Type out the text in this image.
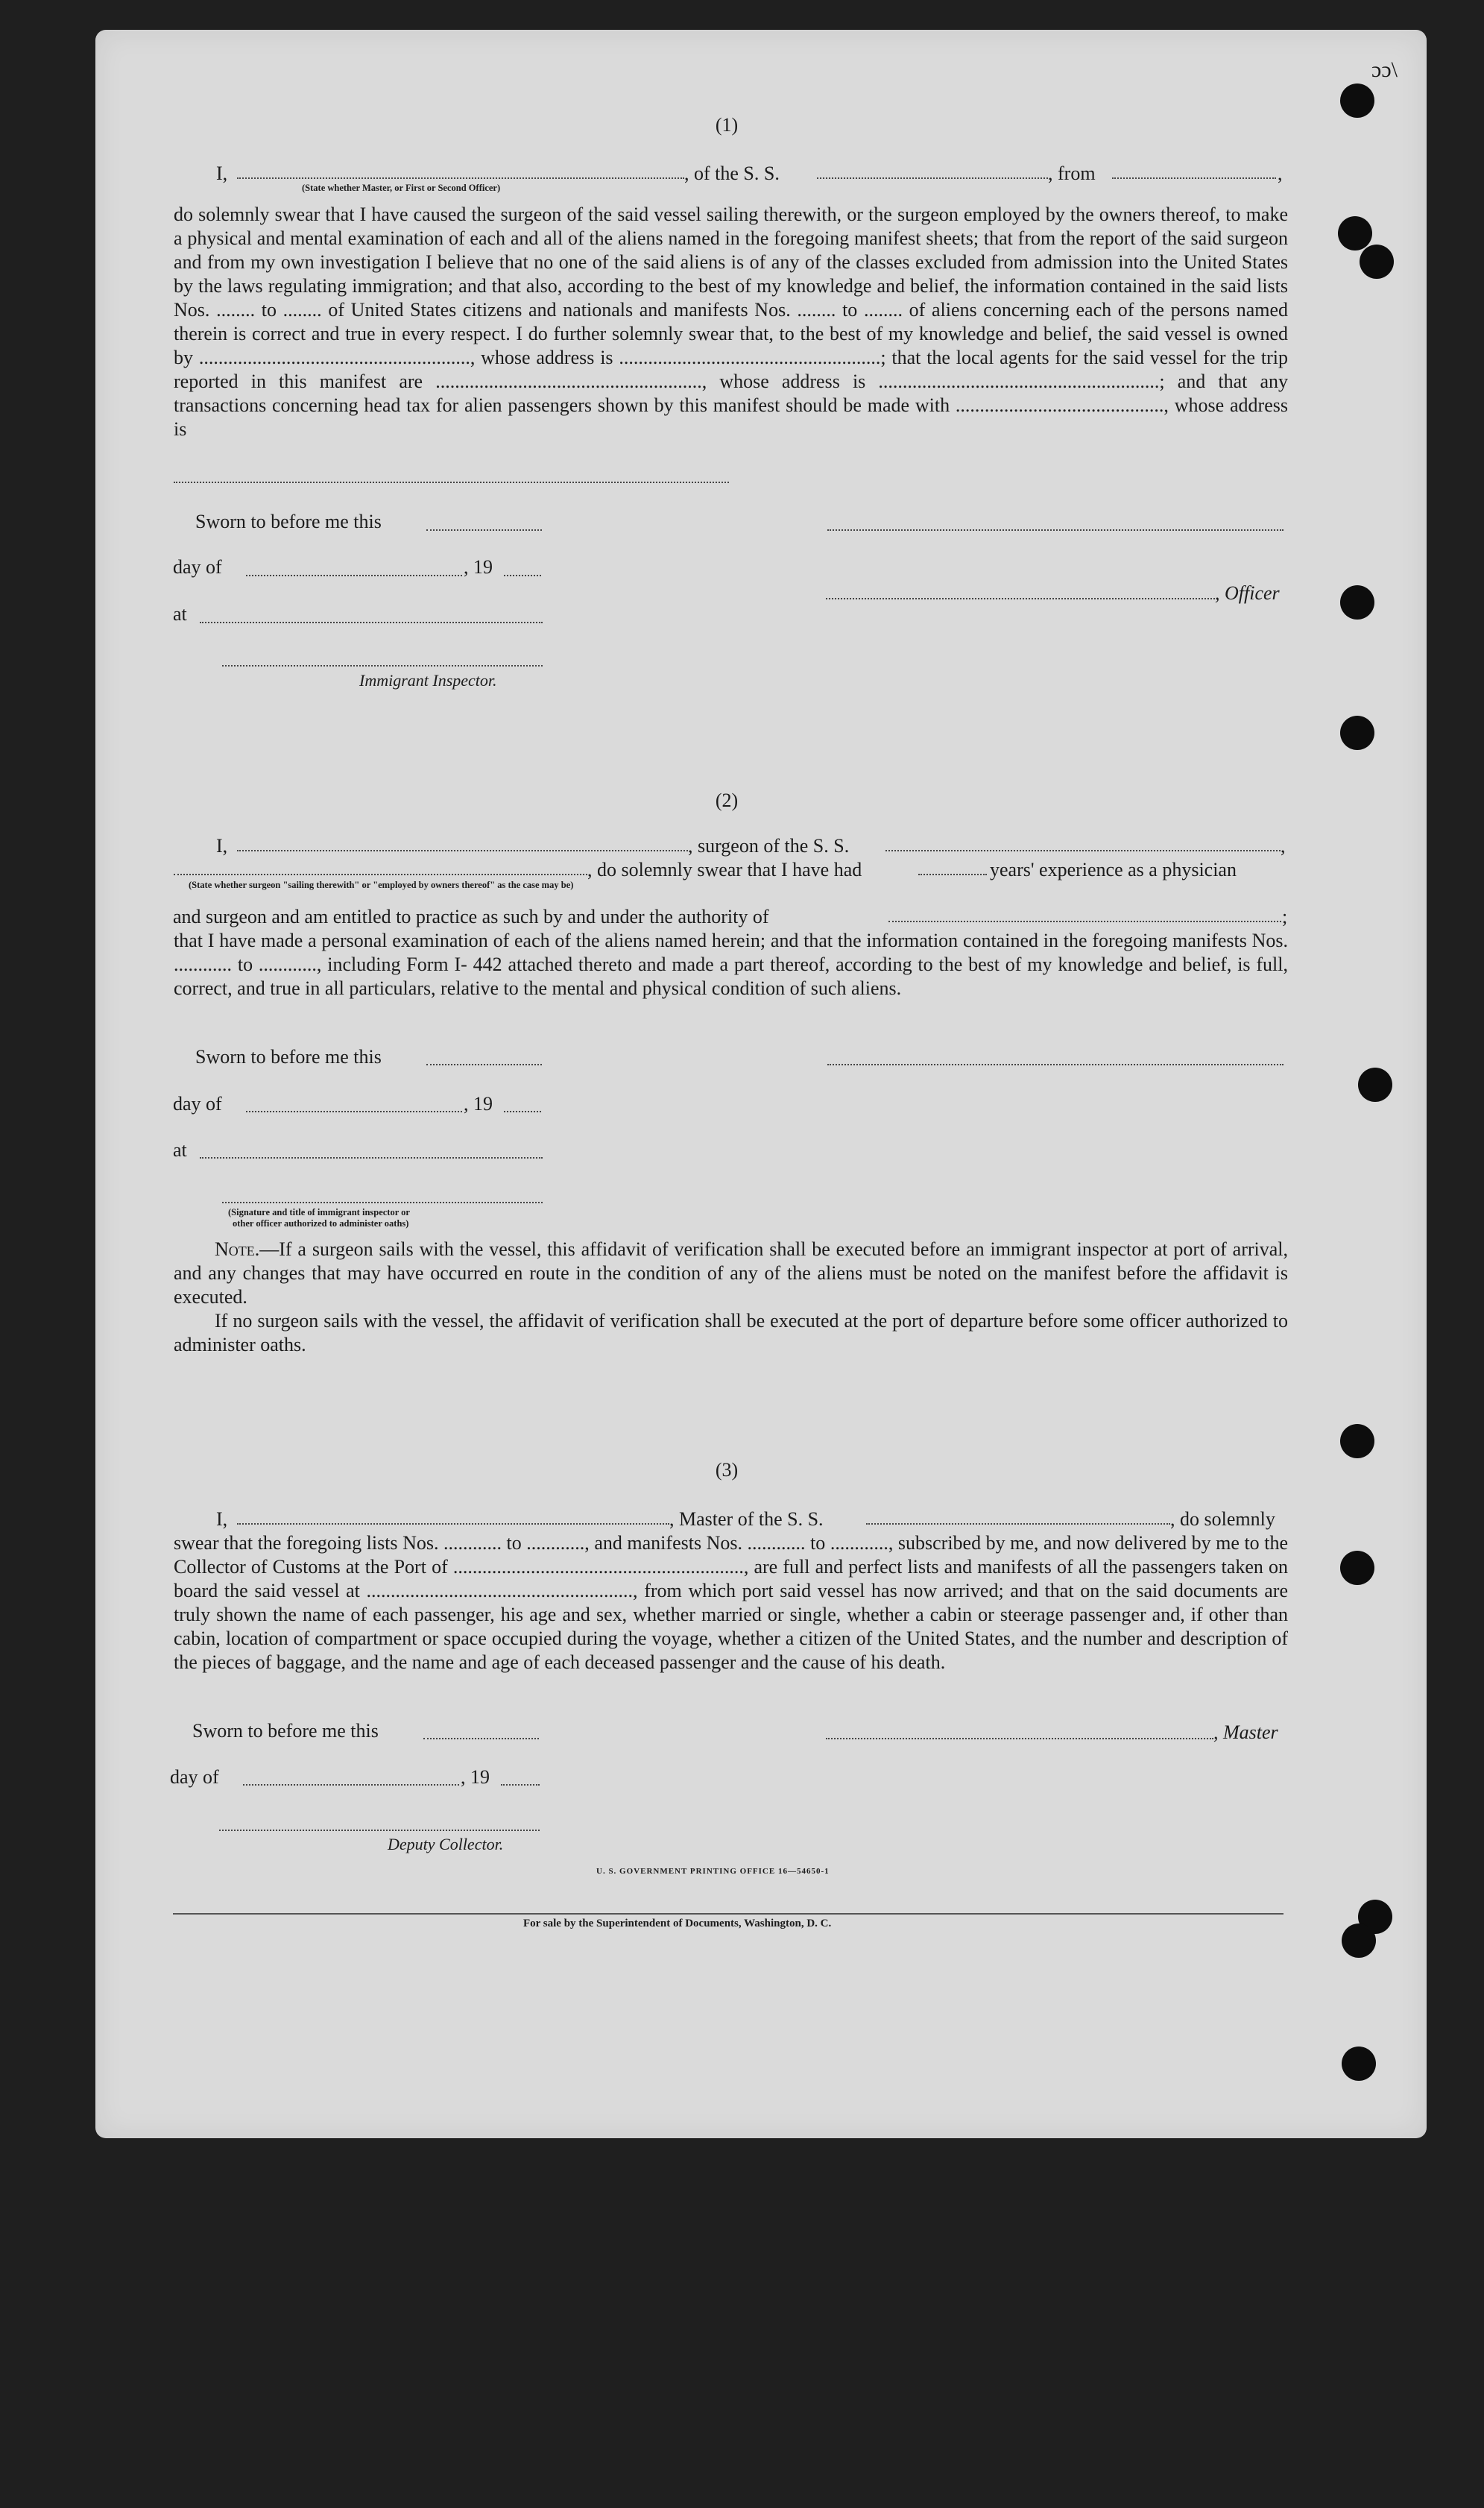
ɔɔ\
(1)
I,	, of the S. S.	, from	,
(State whether Master, or First or Second Officer)

do solemnly swear that I have caused the surgeon of the said vessel sailing therewith, or the surgeon employed by the owners thereof, to make a physical and mental examination of each and all of the aliens named in the foregoing manifest sheets; that from the report of the said surgeon and from my own investigation I believe that no one of the said aliens is of any of the classes excluded from admission into the United States by the laws regulating immigration; and that also, according to the best of my knowledge and belief, the information contained in the said lists Nos. ........ to ........ of United States citizens and nationals and manifests Nos. ........ to ........ of aliens concerning each of the persons named therein is correct and true in every respect. I do further solemnly swear that, to the best of my knowledge and belief, the said vessel is owned by ........................................................, whose address is ......................................................; that the local agents for the said vessel for the trip reported in this manifest are ......................................................., whose address is ..........................................................; and that any transactions concerning head tax for alien passengers shown by this manifest should be made with ..........................................., whose address is

Sworn to before me this
day of	, 19
, Officer
at
Immigrant Inspector.
(2)
I,	, surgeon of the S. S.	,
, do solemnly swear that I have had	years' experience as a physician
(State whether surgeon "sailing therewith" or "employed by owners thereof" as the case may be)
and surgeon and am entitled to practice as such by and under the authority of	;

that I have made a personal examination of each of the aliens named herein; and that the information contained in the foregoing manifests Nos. ............ to ............, including Form I- 442 attached thereto and made a part thereof, according to the best of my knowledge and belief, is full, correct, and true in all particulars, relative to the mental and physical condition of such aliens.

Sworn to before me this
day of	, 19
at
(Signature and title of immigrant inspector or
other officer authorized to administer oaths)

Note.—If a surgeon sails with the vessel, this affidavit of verification shall be executed before an immigrant inspector at port of arrival, and any changes that may have occurred en route in the condition of any of the aliens must be noted on the manifest before the affidavit is executed.

If no surgeon sails with the vessel, the affidavit of verification shall be executed at the port of departure before some officer authorized to administer oaths.

(3)
I,	, Master of the S. S.	, do solemnly

swear that the foregoing lists Nos. ............ to ............, and manifests Nos. ............ to ............, subscribed by me, and now delivered by me to the Collector of Customs at the Port of ............................................................, are full and perfect lists and manifests of all the passengers taken on board the said vessel at ......................................................., from which port said vessel has now arrived; and that on the said documents are truly shown the name of each passenger, his age and sex, whether married or single, whether a cabin or steerage passenger and, if other than cabin, location of compartment or space occupied during the voyage, whether a citizen of the United States, and the number and description of the pieces of baggage, and the name and age of each deceased passenger and the cause of his death.

Sworn to before me this	, Master
day of	, 19
Deputy Collector.
U. S. GOVERNMENT PRINTING OFFICE 16—54650-1
For sale by the Superintendent of Documents, Washington, D. C.
